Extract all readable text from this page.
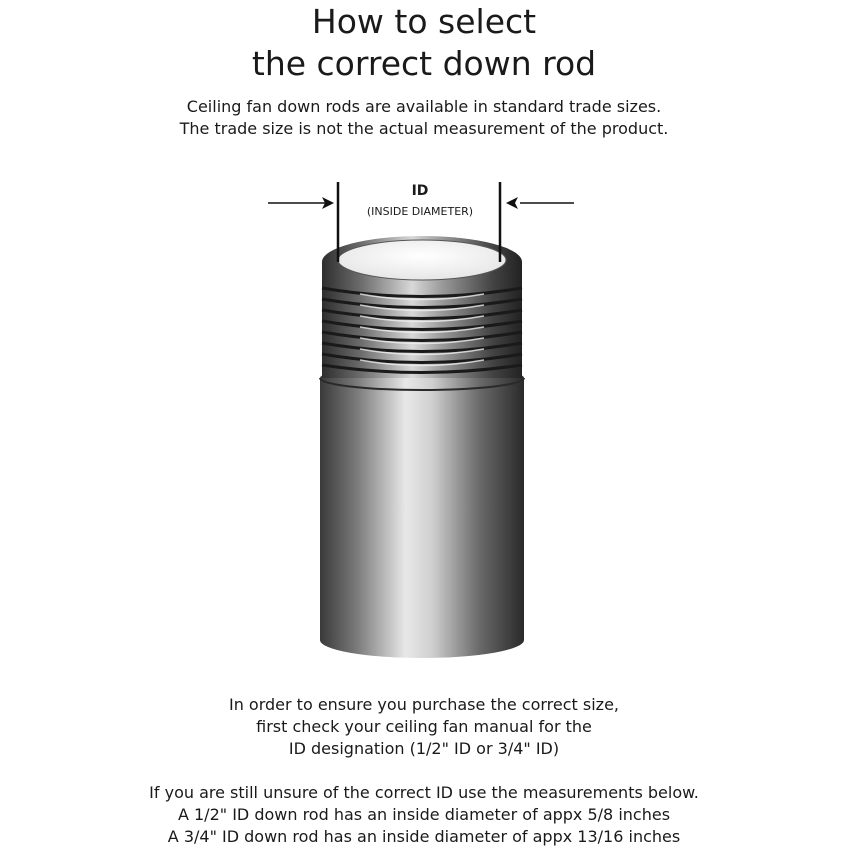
How to select
the correct down rod
Ceiling fan down rods are available in standard trade sizes.
The trade size is not the actual measurement of the product.
ID
(INSIDE DIAMETER)
In order to ensure you purchase the correct size,
first check your ceiling fan manual for the
ID designation (1/2" ID or 3/4" ID)
If you are still unsure of the correct ID use the measurements below.
A 1/2" ID down rod has an inside diameter of appx 5/8 inches
A 3/4" ID down rod has an inside diameter of appx 13/16 inches
